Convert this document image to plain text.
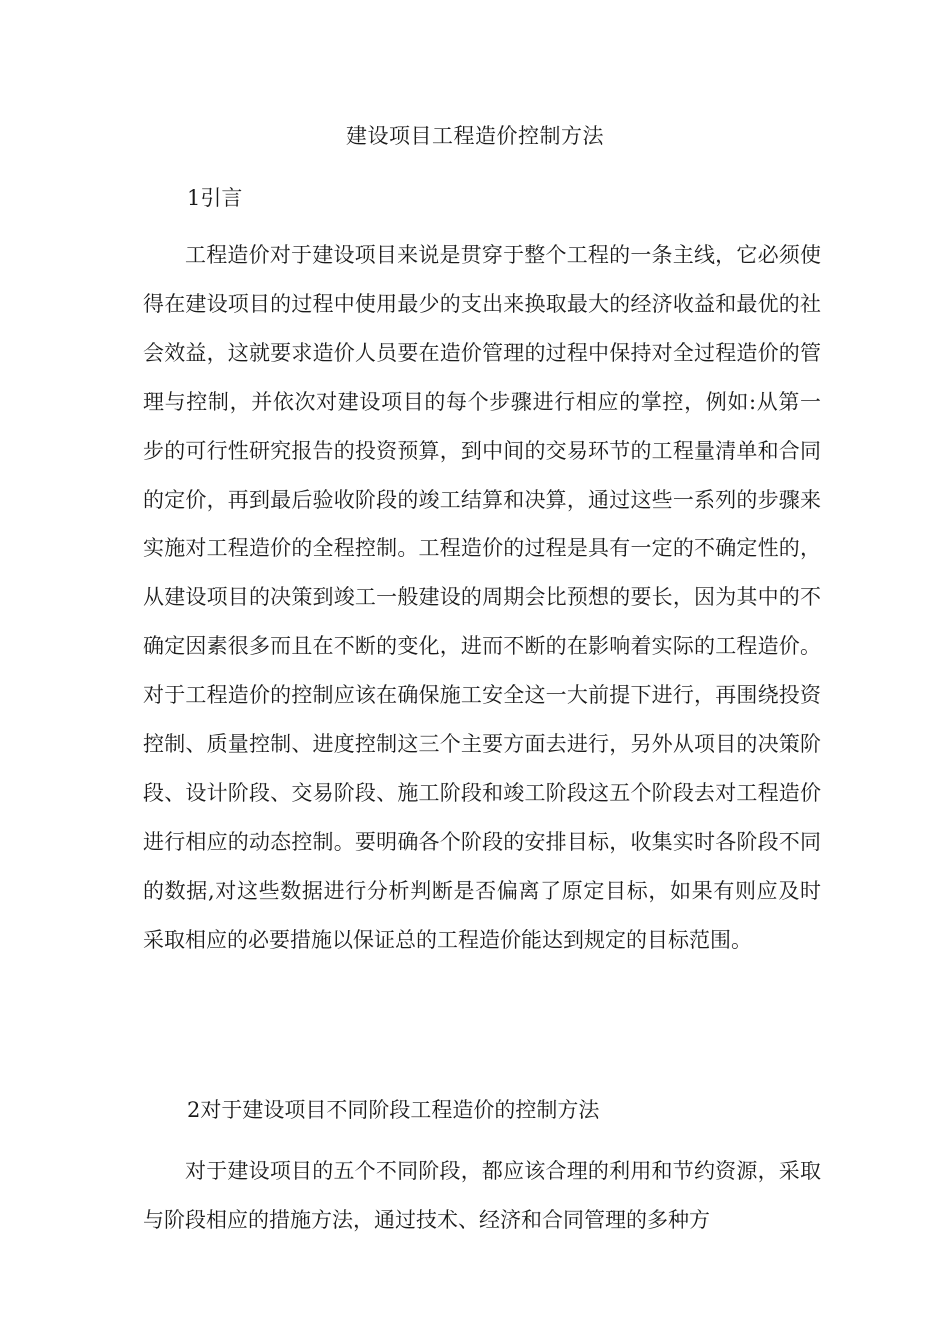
建设项目工程造价控制方法
1引言

工程造价对于建设项目来说是贯穿于整个工程的一条主线，它必须使得在建设项目的过程中使用最少的支出来换取最大的经济收益和最优的社会效益，这就要求造价人员要在造价管理的过程中保持对全过程造价的管理与控制，并依次对建设项目的每个步骤进行相应的掌控，例如:从第一步的可行性研究报告的投资预算，到中间的交易环节的工程量清单和合同的定价，再到最后验收阶段的竣工结算和决算，通过这些一系列的步骤来实施对工程造价的全程控制。工程造价的过程是具有一定的不确定性的，从建设项目的决策到竣工一般建设的周期会比预想的要长，因为其中的不确定因素很多而且在不断的变化，进而不断的在影响着实际的工程造价。对于工程造价的控制应该在确保施工安全这一大前提下进行，再围绕投资控制、质量控制、进度控制这三个主要方面去进行，另外从项目的决策阶段、设计阶段、交易阶段、施工阶段和竣工阶段这五个阶段去对工程造价进行相应的动态控制。要明确各个阶段的安排目标，收集实时各阶段不同的数据,对这些数据进行分析判断是否偏离了原定目标，如果有则应及时采取相应的必要措施以保证总的工程造价能达到规定的目标范围。

2对于建设项目不同阶段工程造价的控制方法

对于建设项目的五个不同阶段，都应该合理的利用和节约资源，采取与阶段相应的措施方法，通过技术、经济和合同管理的多种方
